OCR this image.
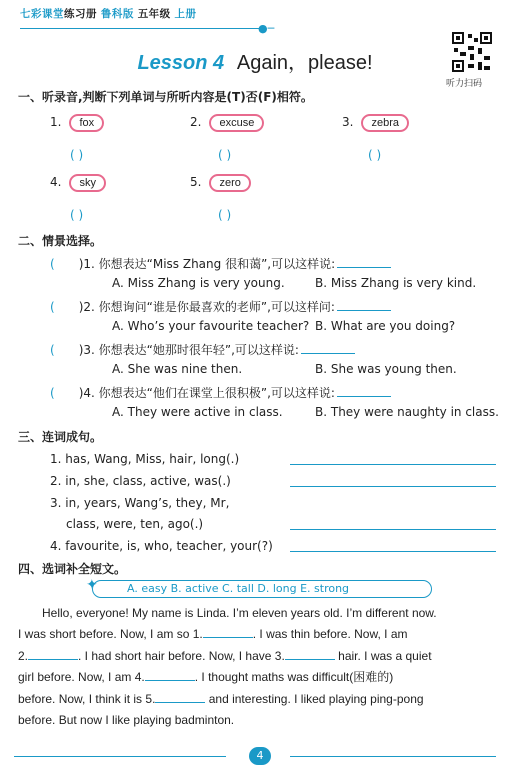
七彩课堂练习册 鲁科版 五年级 上册
●─
听力扫码
Lesson 4 Again，please!
一、听录音,判断下列单词与所听内容是(T)否(F)相符。
1. fox	2. excuse	3. zebra
( )	( )	( )
4. sky	5. zero
( )	( )
二、情景选择。
( )1. 你想表达“Miss Zhang 很和蔼”,可以这样说:
A. Miss Zhang is very young.	B. Miss Zhang is very kind.
( )2. 你想询问“谁是你最喜欢的老师”,可以这样问:
A. Who’s your favourite teacher? B. What are you doing?
( )3. 你想表达“她那时很年轻”,可以这样说:
A. She was nine then.	B. She was young then.
( )4. 你想表达“他们在课堂上很积极”,可以这样说:
A. They were active in class.	B. They were naughty in class.
三、连词成句。
1. has, Wang, Miss, hair, long(.)
2. in, she, class, active, was(.)
3. in, years, Wang’s, they, Mr,
class, were, ten, ago(.)
4. favourite, is, who, teacher, your(?)
四、选词补全短文。
A. easy B. active C. tall D. long E. strong
✦
Hello, everyone! My name is Linda. I’m eleven years old. I’m different now.
I was short before. Now, I am so 1.	. I was thin before. Now, I am
2.	. I had short hair before. Now, I have 3.	hair. I was a quiet
girl before. Now, I am 4.	. I thought maths was difficult(困难的)
before. Now, I think it is 5.	and interesting. I liked playing ping-pong
before. But now I like playing badminton.
4
